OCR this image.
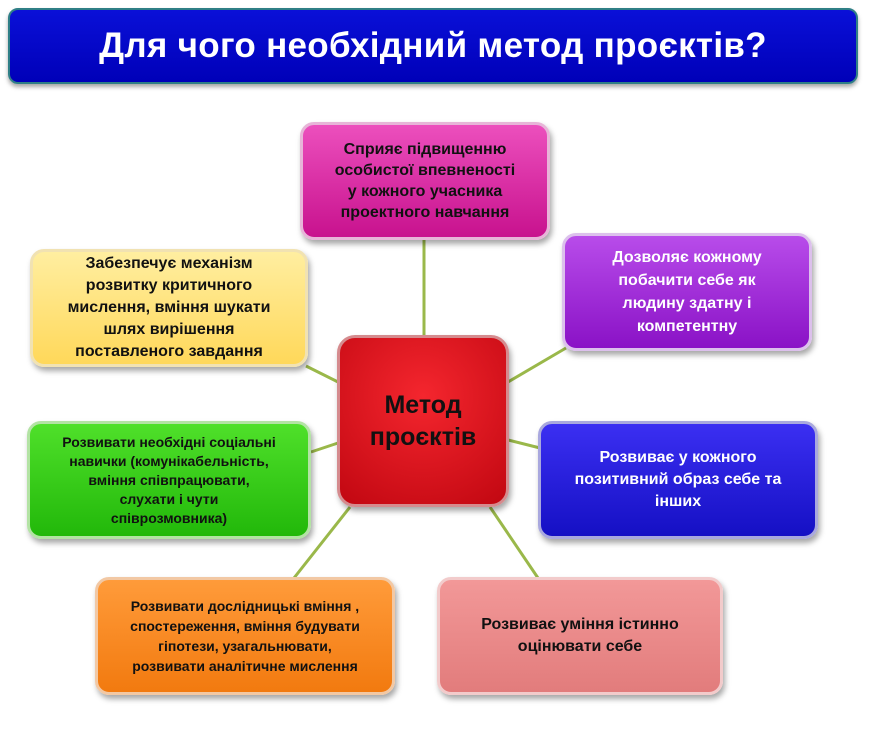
Для чого необхідний метод проєктів?
Сприяє підвищенню
особистої впевненості
у кожного учасника
проектного навчання
Дозволяє кожному
побачити себе як
людину здатну і
компетентну
Забезпечує механізм
розвитку критичного
мислення, вміння шукати
шлях вирішення
поставленого завдання
Метод
проєктів
Розвивати необхідні соціальні
навички (комунікабельність,
вміння співпрацювати,
слухати і чути
співрозмовника)
Розвиває у кожного
позитивний образ себе та
інших
Розвивати дослідницькі вміння ,
спостереження, вміння будувати
гіпотези, узагальнювати,
розвивати аналітичне мислення
Розвиває уміння істинно
оцінювати себе
